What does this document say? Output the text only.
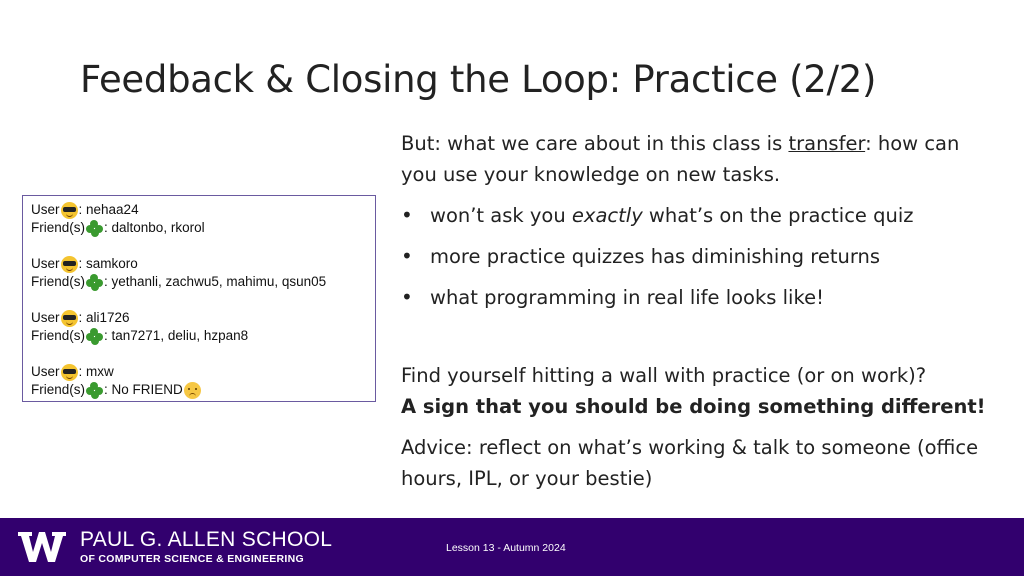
Feedback & Closing the Loop: Practice (2/2)

But: what we care about in this class is transfer: how can you use your knowledge on new tasks.

• won’t ask you exactly what’s on the practice quiz
• more practice quizzes has diminishing returns
• what programming in real life looks like!

Find yourself hitting a wall with practice (or on work)?
A sign that you should be doing something different!

Advice: reflect on what’s working & talk to someone (office hours, IPL, or your bestie)

User : nehaa24
Friend(s) : daltonbo, rkorol
User : samkoro
Friend(s) : yethanli, zachwu5, mahimu, qsun05
User : ali1726
Friend(s) : tan7271, deliu, hzpan8
User : mxw
Friend(s) : No FRIEND
PAUL G. ALLEN SCHOOL
OF COMPUTER SCIENCE & ENGINEERING
Lesson 13 - Autumn 2024
